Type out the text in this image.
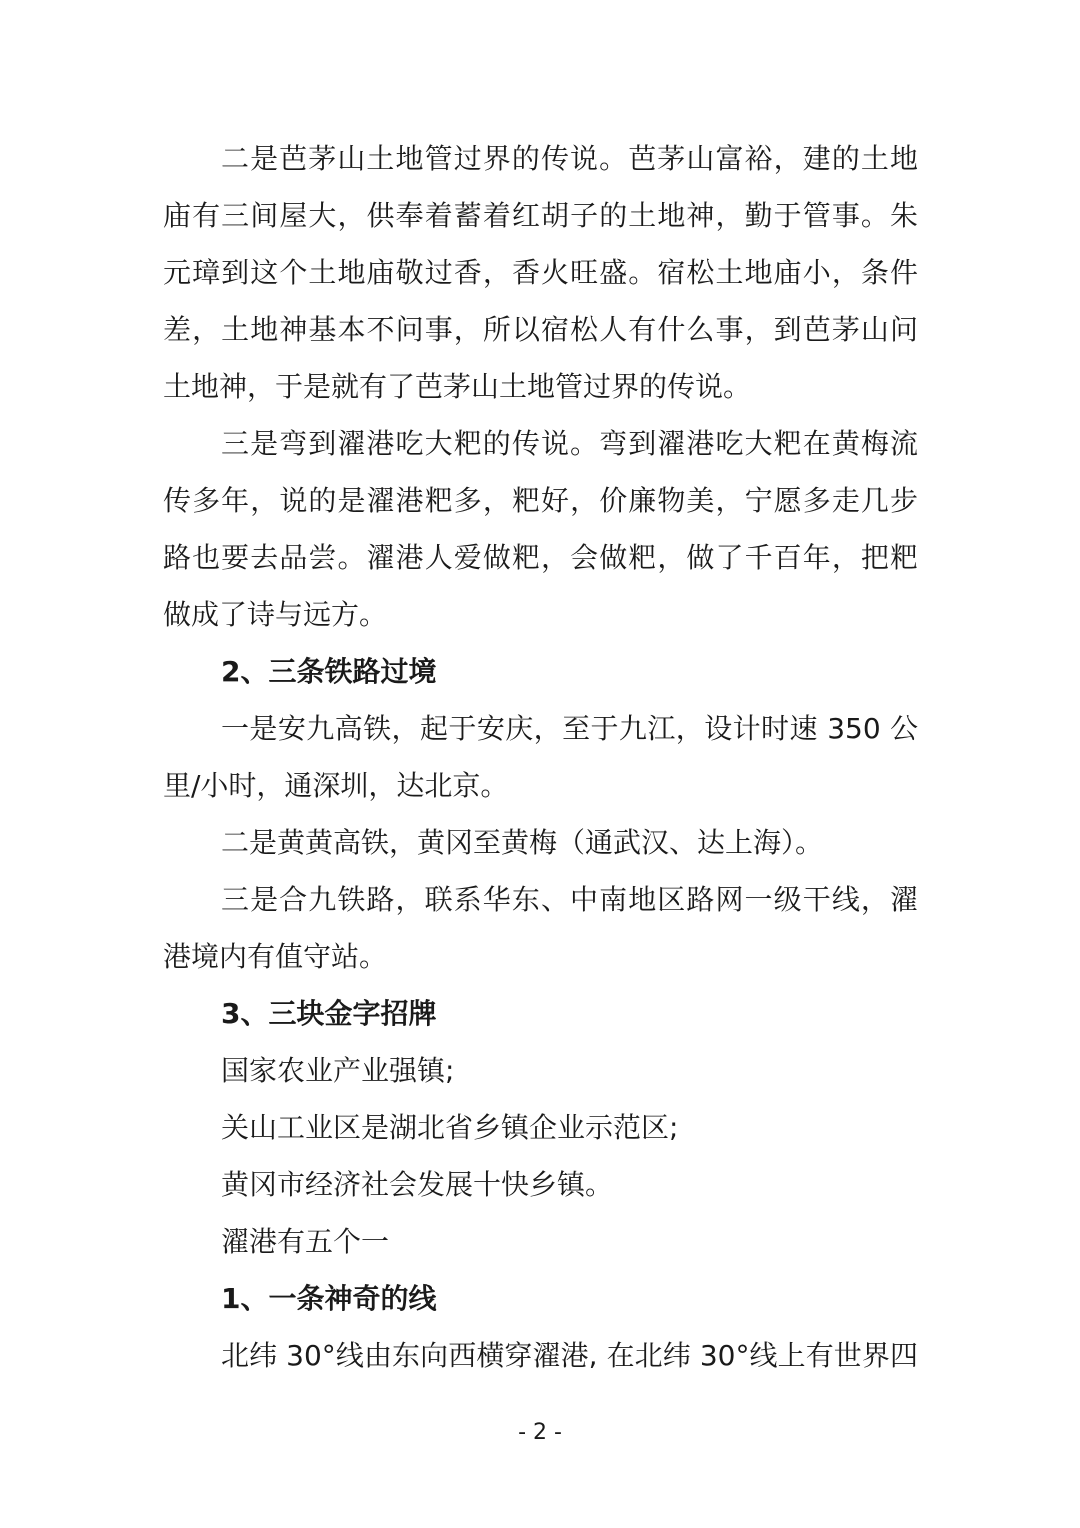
二是芭茅山土地管过界的传说。芭茅山富裕，建的土地
庙有三间屋大，供奉着蓄着红胡子的土地神，勤于管事。朱
元璋到这个土地庙敬过香，香火旺盛。宿松土地庙小，条件
差，土地神基本不问事，所以宿松人有什么事，到芭茅山问
土地神，于是就有了芭茅山土地管过界的传说。
三是弯到濯港吃大粑的传说。弯到濯港吃大粑在黄梅流
传多年，说的是濯港粑多，粑好，价廉物美，宁愿多走几步
路也要去品尝。濯港人爱做粑，会做粑，做了千百年，把粑
做成了诗与远方。
2、三条铁路过境
一是安九高铁，起于安庆，至于九江，设计时速 350 公
里/小时，通深圳，达北京。
二是黄黄高铁，黄冈至黄梅（通武汉、达上海）。
三是合九铁路，联系华东、中南地区路网一级干线，濯
港境内有值守站。
3、三块金字招牌
国家农业产业强镇;
关山工业区是湖北省乡镇企业示范区;
黄冈市经济社会发展十快乡镇。
濯港有五个一
1、一条神奇的线
北纬 30°线由东向西横穿濯港, 在北纬 30°线上有世界四
- 2 -
